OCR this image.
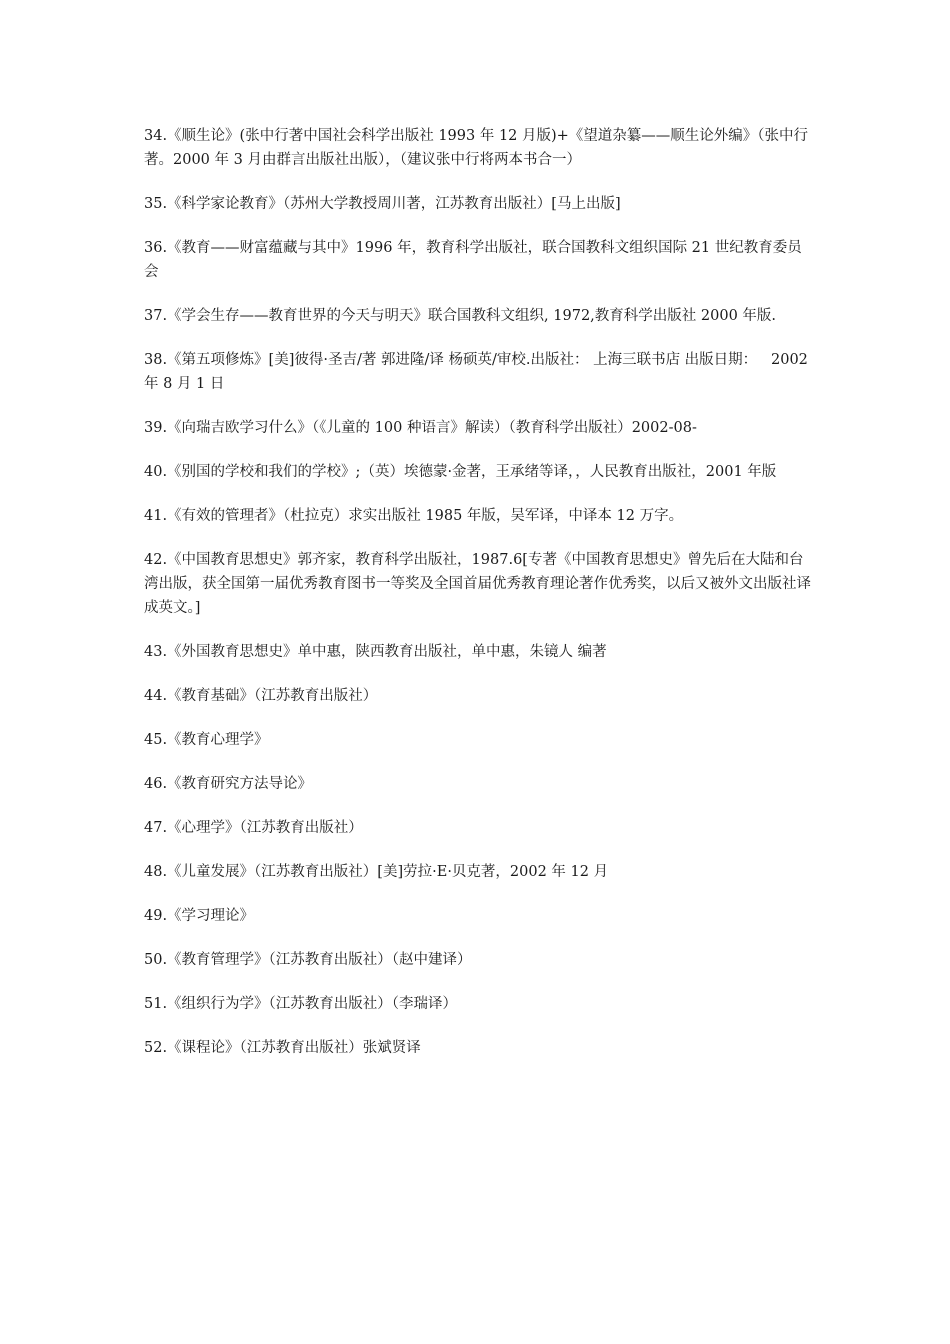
34.《顺生论》(张中行著中国社会科学出版社 1993 年 12 月版)+《望道杂纂——顺生论外编》（张中行著。2000 年 3 月由群言出版社出版），（建议张中行将两本书合一）

35.《科学家论教育》（苏州大学教授周川著，江苏教育出版社）[马上出版]

36.《教育——财富蕴藏与其中》1996 年，教育科学出版社，联合国教科文组织国际 21 世纪教育委员会

37.《学会生存——教育世界的今天与明天》联合国教科文组织, 1972,教育科学出版社 2000 年版.

38.《第五项修炼》[美]彼得·圣吉/著 郭进隆/译 杨硕英/审校.出版社： 上海三联书店 出版日期：   2002 年 8 月 1 日

39.《向瑞吉欧学习什么》（《儿童的 100 种语言》解读）（教育科学出版社）2002-08-

40.《别国的学校和我们的学校》;（英）埃德蒙·金著，王承绪等译，，人民教育出版社，2001 年版

41.《有效的管理者》（杜拉克）求实出版社 1985 年版，吴军译，中译本 12 万字。

42.《中国教育思想史》郭齐家，教育科学出版社，1987.6[专著《中国教育思想史》曾先后在大陆和台湾出版，获全国第一届优秀教育图书一等奖及全国首届优秀教育理论著作优秀奖，以后又被外文出版社译成英文。]

43.《外国教育思想史》单中惠，陕西教育出版社，单中惠，朱镜人 编著

44.《教育基础》（江苏教育出版社）

45.《教育心理学》

46.《教育研究方法导论》

47.《心理学》（江苏教育出版社）

48.《儿童发展》（江苏教育出版社）[美]劳拉·E·贝克著，2002 年 12 月

49.《学习理论》

50.《教育管理学》（江苏教育出版社）（赵中建译）

51.《组织行为学》（江苏教育出版社）（李瑞译）

52.《课程论》（江苏教育出版社）张斌贤译
